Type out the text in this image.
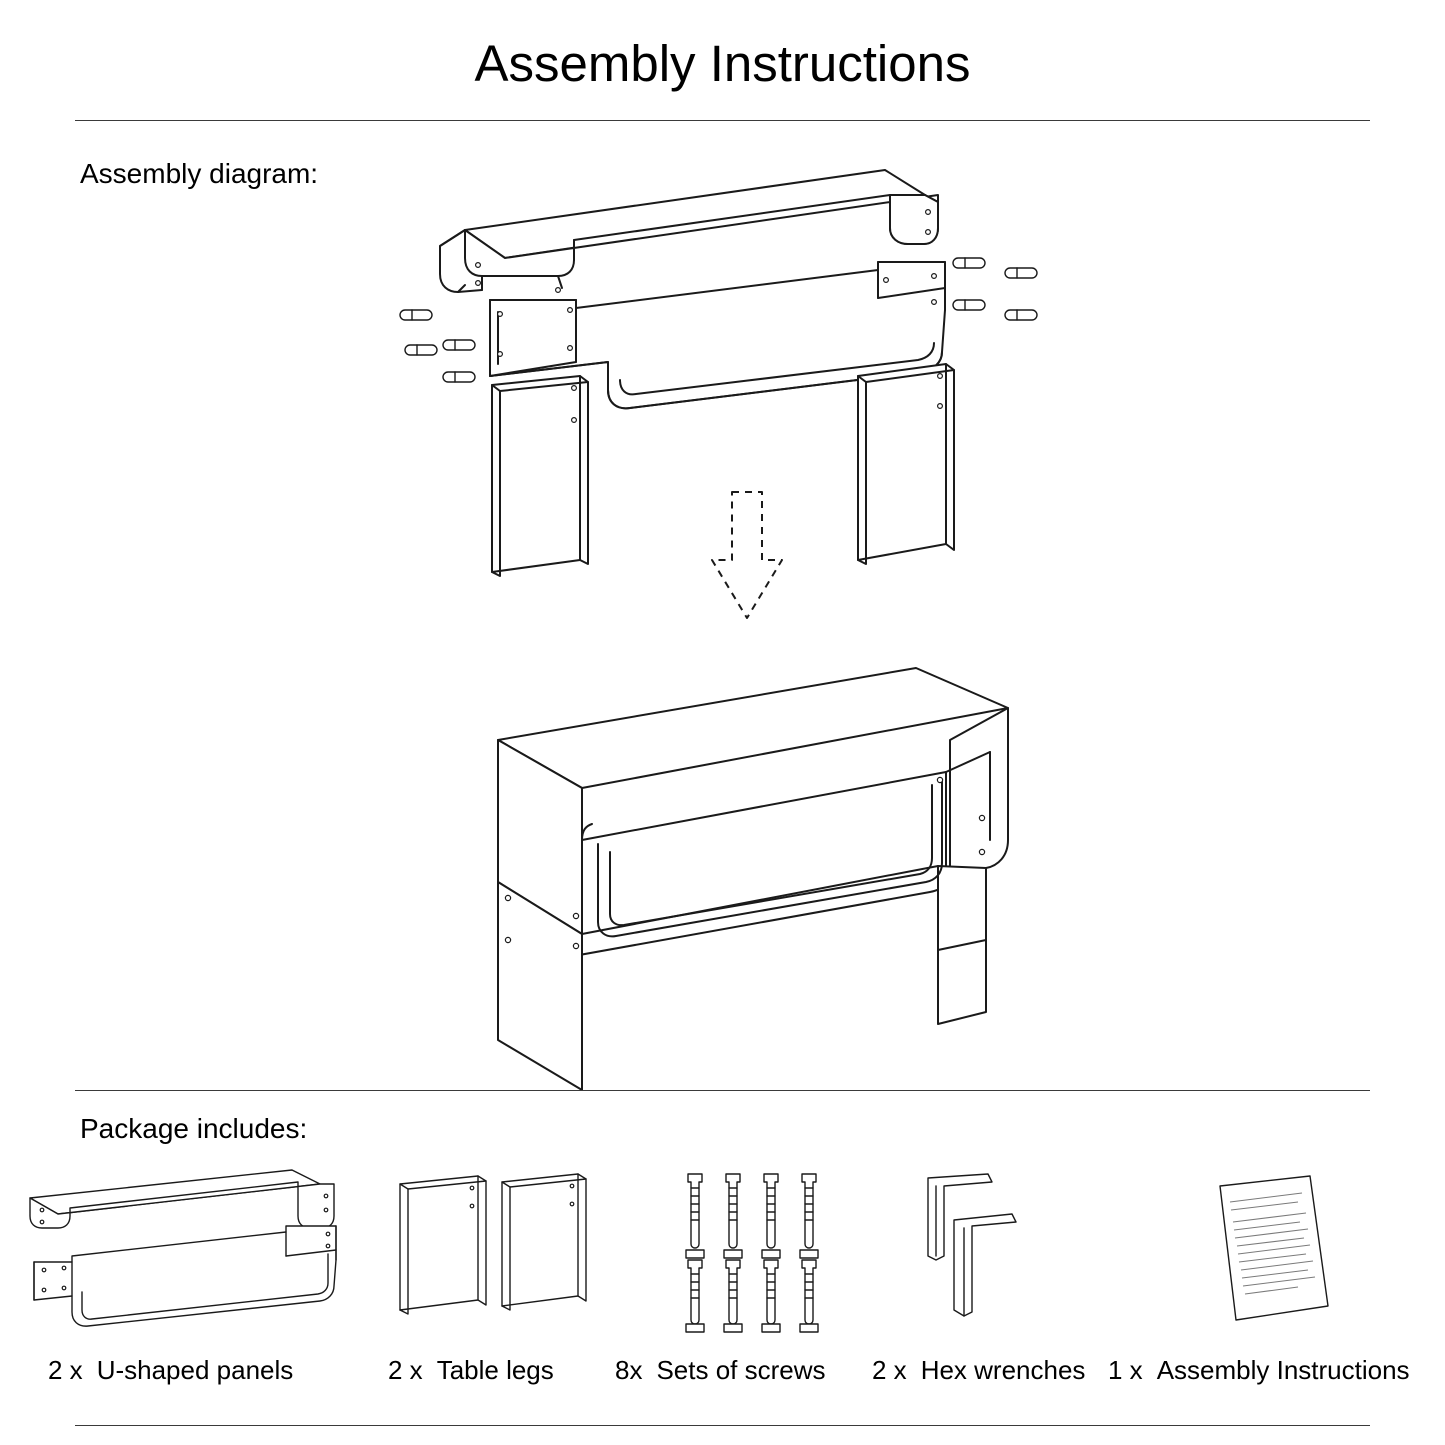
Assembly Instructions
Assembly diagram:
Package includes:
2 x U-shaped panels	2 x Table legs 8x Sets of screws 2 x Hex wrenches 1 x Assembly Instructions
